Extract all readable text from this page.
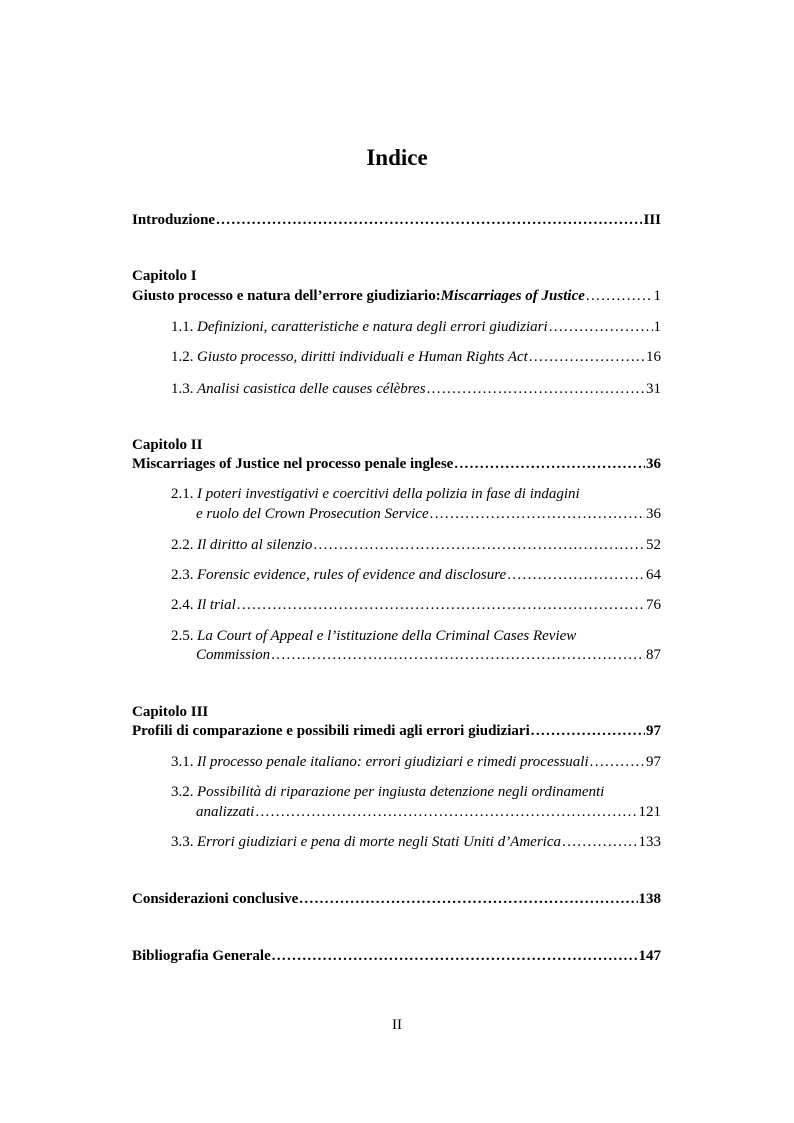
Indice
Introduzione . . .	III
Capitolo I
Giusto processo e natura dell’errore giudiziario: Miscarriages of Justice . . .	1
1.1. Definizioni, caratteristiche e natura degli errori giudiziari . . .	1
1.2. Giusto processo, diritti individuali e Human Rights Act . . .	16
1.3. Analisi casistica delle causes célèbres . . .	31
Capitolo II
Miscarriages of Justice nel processo penale inglese . . .	36
2.1. I poteri investigativi e coercitivi della polizia in fase di indagini
e ruolo del Crown Prosecution Service . . .	36
2.2. Il diritto al silenzio . . .	52
2.3. Forensic evidence, rules of evidence and disclosure . . .	64
2.4. Il trial . . .	76
2.5. La Court of Appeal e l’istituzione della Criminal Cases Review
Commission . . .	87
Capitolo III
Profili di comparazione e possibili rimedi agli errori giudiziari . . .	97
3.1. Il processo penale italiano: errori giudiziari e rimedi processuali . . .	97
3.2. Possibilità di riparazione per ingiusta detenzione negli ordinamenti
analizzati . . .	121
3.3. Errori giudiziari e pena di morte negli Stati Uniti d’America . . .	133
Considerazioni conclusive . . .	138
Bibliografia Generale . . .	147
II
